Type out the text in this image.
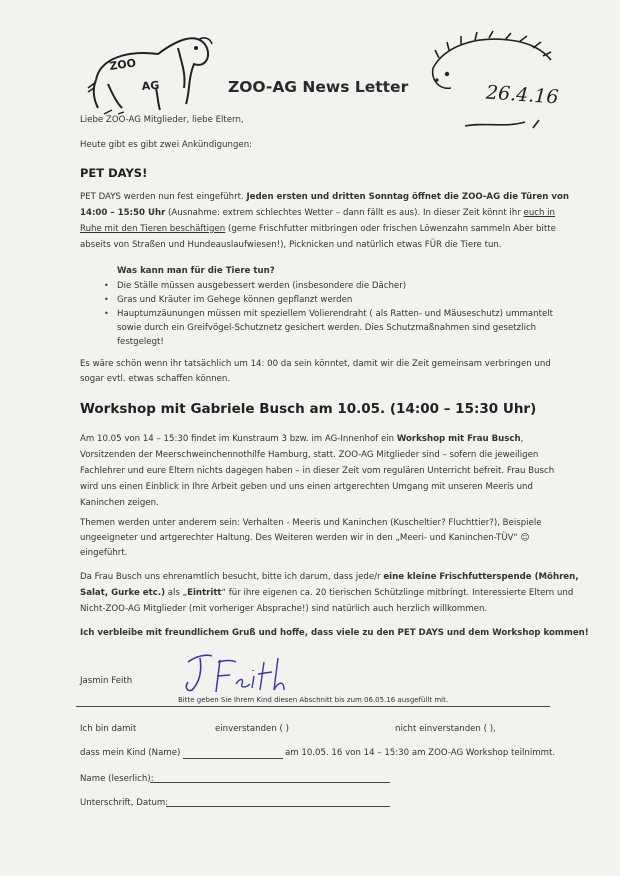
ZOO
AG	26.4.16
ZOO-AG News Letter
Liebe ZOO-AG Mitglieder, liebe Eltern,
Heute gibt es gibt zwei Ankündigungen:
PET DAYS!
PET DAYS werden nun fest eingeführt. Jeden ersten und dritten Sonntag öffnet die ZOO-AG die Türen von
14:00 – 15:50 Uhr (Ausnahme: extrem schlechtes Wetter – dann fällt es aus). In dieser Zeit könnt ihr euch in
Ruhe mit den Tieren beschäftigen (gerne Frischfutter mitbringen oder frischen Löwenzahn sammeln Aber bitte
abseits von Straßen und Hundeauslaufwiesen!), Picknicken und natürlich etwas FÜR die Tiere tun.
Was kann man für die Tiere tun?
• Die Ställe müssen ausgebessert werden (insbesondere die Dächer)
• Gras und Kräuter im Gehege können gepflanzt werden
• Hauptumzäunungen müssen mit speziellem Volierendraht ( als Ratten- und Mäuseschutz) ummantelt
sowie durch ein Greifvögel-Schutznetz gesichert werden. Dies Schutzmaßnahmen sind gesetzlich
festgelegt!
Es wäre schön wenn ihr tatsächlich um 14: 00 da sein könntet, damit wir die Zeit gemeinsam verbringen und
sogar evtl. etwas schaffen können.
Workshop mit Gabriele Busch am 10.05. (14:00 – 15:30 Uhr)
Am 10.05 von 14 – 15:30 findet im Kunstraum 3 bzw. im AG-Innenhof ein Workshop mit Frau Busch,
Vorsitzenden der Meerschweinchennothilfe Hamburg, statt. ZOO-AG Mitglieder sind – sofern die jeweiligen
Fachlehrer und eure Eltern nichts dagegen haben – in dieser Zeit vom regulären Unterricht befreit. Frau Busch
wird uns einen Einblick in Ihre Arbeit geben und uns einen artgerechten Umgang mit unseren Meeris und
Kaninchen zeigen.
Themen werden unter anderem sein: Verhalten - Meeris und Kaninchen (Kuscheltier? Fluchttier?), Beispiele
ungeeigneter und artgerechter Haltung. Des Weiteren werden wir in den „Meeri- und Kaninchen-TÜV“ ☺
eingeführt.
Da Frau Busch uns ehrenamtlich besucht, bitte ich darum, dass jede/r eine kleine Frischfutterspende (Möhren,
Salat, Gurke etc.) als „Eintritt“ für ihre eigenen ca. 20 tierischen Schützlinge mitbringt. Interessierte Eltern und
Nicht-ZOO-AG Mitglieder (mit vorheriger Absprache!) sind natürlich auch herzlich willkommen.
Ich verbleibe mit freundlichem Gruß und hoffe, dass viele zu den PET DAYS und dem Workshop kommen!
Jasmin Feith
Bitte geben Sie Ihrem Kind diesen Abschnitt bis zum 06.05.16 ausgefüllt mit.
Ich bin damit	einverstanden ( )	nicht einverstanden ( ),
dass mein Kind (Name)	am 10.05. 16 von 14 – 15:30 am ZOO-AG Workshop teilnimmt.
Name (leserlich):
Unterschrift, Datum:
